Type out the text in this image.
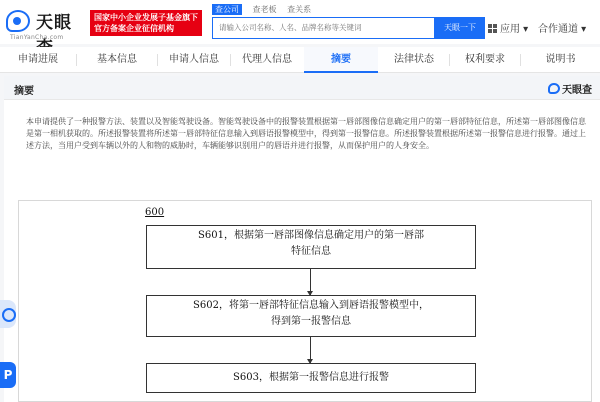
天眼
TianYanCha.com
国家中小企业发展子基金旗下
官方备案企业征信机构
查公司 查老板 查关系
请输入公司名称、人名、品牌名称等关键词
天眼一下	应用 ▾ 合作通道 ▾
申请进展	基本信息	申请人信息	代理人信息	摘要	法律状态	权利要求	说明书
摘要	天眼查
本申请提供了一种报警方法、装置以及智能驾驶设备。智能驾驶设备中的报警装置根据第一唇部图像信息确定用户的第一唇部特征信息，所述第一唇部图像信息是第一相机获取的。所述报警装置将所述第一唇部特征信息输入到唇语报警模型中，得到第一报警信息。所述报警装置根据所述第一报警信息进行报警。通过上述方法，当用户受到车辆以外的人和物的威胁时，车辆能够识别用户的唇语并进行报警，从而保护用户的人身安全。
600
S601，根据第一唇部图像信息确定用户的第一唇部
特征信息
S602，将第一唇部特征信息输入到唇语报警模型中，
得到第一报警信息
S603，根据第一报警信息进行报警
P
